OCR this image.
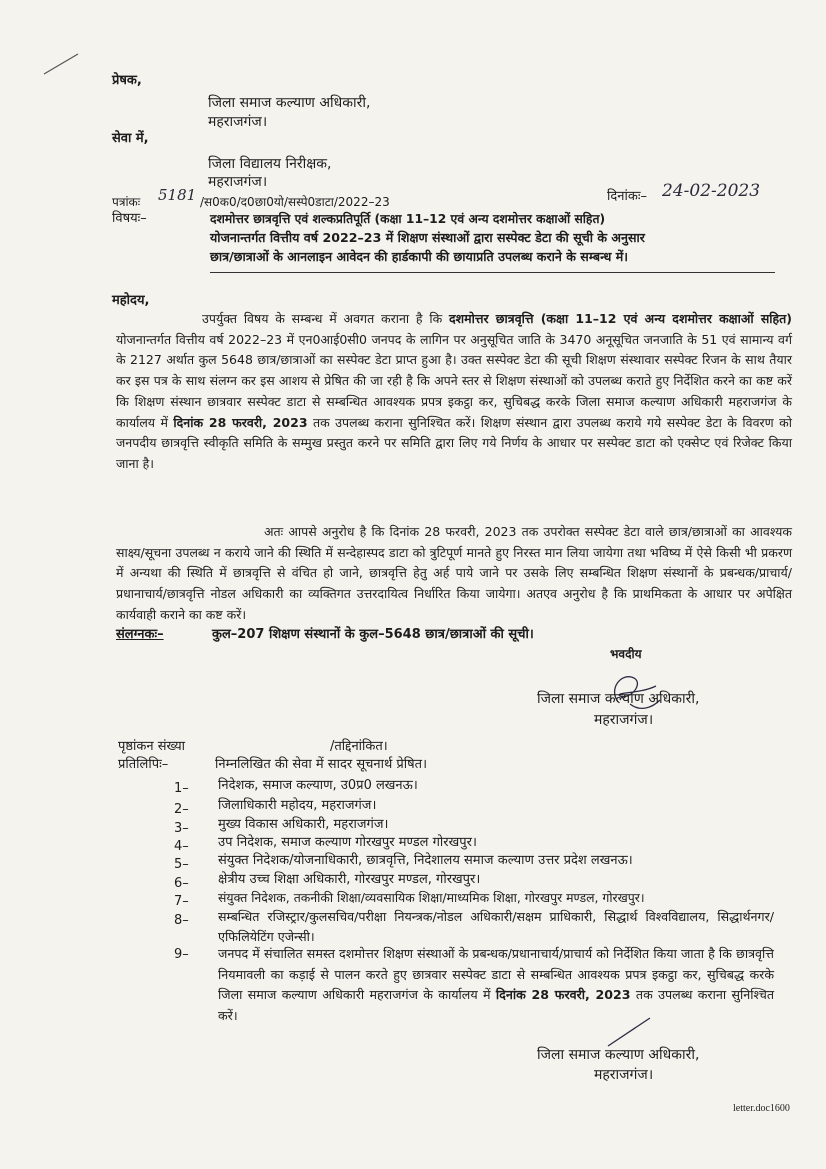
प्रेषक,
जिला समाज कल्याण अधिकारी,
महराजगंज।
सेवा में,
जिला विद्यालय निरीक्षक,
महराजगंज।
पत्रांकः 5181 /स0क0/द0छा0यो/सस्पे0डाटा/2022–23	दिनांकः– 24-02-2023
विषयः–	दशमोत्तर छात्रवृत्ति एवं शल्कप्रतिपूर्ति (कक्षा 11–12 एवं अन्य दशमोत्तर कक्षाओं सहित)
योजनान्तर्गत वित्तीय वर्ष 2022–23 में शिक्षण संस्थाओं द्वारा सस्पेक्ट डेटा की सूची के अनुसार
छात्र/छात्राओं के आनलाइन आवेदन की हार्डकापी की छायाप्रति उपलब्ध कराने के सम्बन्ध में।
महोदय,

उपर्युक्त विषय के सम्बन्ध में अवगत कराना है कि दशमोत्तर छात्रवृत्ति (कक्षा 11–12 एवं अन्य दशमोत्तर कक्षाओं सहित) योजनान्तर्गत वित्तीय वर्ष 2022–23 में एन0आई0सी0 जनपद के लागिन पर अनुसूचित जाति के 3470 अनूसूचित जनजाति के 51 एवं सामान्य वर्ग के 2127 अर्थात कुल 5648 छात्र/छात्राओं का सस्पेक्ट डेटा प्राप्त हुआ है। उक्त सस्पेक्ट डेटा की सूची शिक्षण संस्थावार सस्पेक्ट रिजन के साथ तैयार कर इस पत्र के साथ संलग्न कर इस आशय से प्रेषित की जा रही है कि अपने स्तर से शिक्षण संस्थाओं को उपलब्ध कराते हुए निर्देशित करने का कष्ट करें कि शिक्षण संस्थान छात्रवार सस्पेक्ट डाटा से सम्बन्धित आवश्यक प्रपत्र इकट्ठा कर, सुचिबद्ध करके जिला समाज कल्याण अधिकारी महराजगंज के कार्यालय में दिनांक 28 फरवरी, 2023 तक उपलब्ध कराना सुनिश्चित करें। शिक्षण संस्थान द्वारा उपलब्ध कराये गये सस्पेक्ट डेटा के विवरण को जनपदीय छात्रवृत्ति स्वीकृति समिति के सम्मुख प्रस्तुत करने पर समिति द्वारा लिए गये निर्णय के आधार पर सस्पेक्ट डाटा को एक्सेप्ट एवं रिजेक्ट किया जाना है।

अतः आपसे अनुरोध है कि दिनांक 28 फरवरी, 2023 तक उपरोक्त सस्पेक्ट डेटा वाले छात्र/छात्राओं का आवश्यक साक्ष्य/सूचना उपलब्ध न कराये जाने की स्थिति में सन्देहास्पद डाटा को त्रुटिपूर्ण मानते हुए निरस्त मान लिया जायेगा तथा भविष्य में ऐसे किसी भी प्रकरण में अन्यथा की स्थिति में छात्रवृत्ति से वंचित हो जाने, छात्रवृत्ति हेतु अर्ह पाये जाने पर उसके लिए सम्बन्धित शिक्षण संस्थानों के प्रबन्धक/प्राचार्य/प्रधानाचार्य/छात्रवृत्ति नोडल अधिकारी का व्यक्तिगत उत्तरदायित्व निर्धारित किया जायेगा। अतएव अनुरोध है कि प्राथमिकता के आधार पर अपेक्षित कार्यवाही कराने का कष्ट करें।

संलग्नकः–	कुल–207 शिक्षण संस्थानों के कुल–5648 छात्र/छात्राओं की सूची।
भवदीय
जिला समाज कल्याण अधिकारी,
महराजगंज।
पृष्ठांकन संख्या	/तद्दिनांकित।
प्रतिलिपिः–	निम्नलिखित की सेवा में सादर सूचनार्थ प्रेषित।
1– निदेशक, समाज कल्याण, उ0प्र0 लखनऊ।
2– जिलाधिकारी महोदय, महराजगंज।
3– मुख्य विकास अधिकारी, महराजगंज।
4– उप निदेशक, समाज कल्याण गोरखपुर मण्डल गोरखपुर।
5– संयुक्त निदेशक/योजनाधिकारी, छात्रवृत्ति, निदेशालय समाज कल्याण उत्तर प्रदेश लखनऊ।
6– क्षेत्रीय उच्च शिक्षा अधिकारी, गोरखपुर मण्डल, गोरखपुर।
7– संयुक्त निदेशक, तकनीकी शिक्षा/व्यवसायिक शिक्षा/माध्यमिक शिक्षा, गोरखपुर मण्डल, गोरखपुर।
8– सम्बन्धित रजिस्ट्रार/कुलसचिव/परीक्षा नियन्त्रक/नोडल अधिकारी/सक्षम प्राधिकारी, सिद्धार्थ विश्वविद्यालय, सिद्धार्थनगर/एफिलियेटिंग एजेन्सी।
9– जनपद में संचालित समस्त दशमोत्तर शिक्षण संस्थाओं के प्रबन्धक/प्रधानाचार्य/प्राचार्य को निर्देशित किया जाता है कि छात्रवृत्ति नियमावली का कड़ाई से पालन करते हुए छात्रवार सस्पेक्ट डाटा से सम्बन्धित आवश्यक प्रपत्र इकट्ठा कर, सुचिबद्ध करके जिला समाज कल्याण अधिकारी महराजगंज के कार्यालय में दिनांक 28 फरवरी, 2023 तक उपलब्ध कराना सुनिश्चित करें।
जिला समाज कल्याण अधिकारी,
महराजगंज।
letter.doc1600
